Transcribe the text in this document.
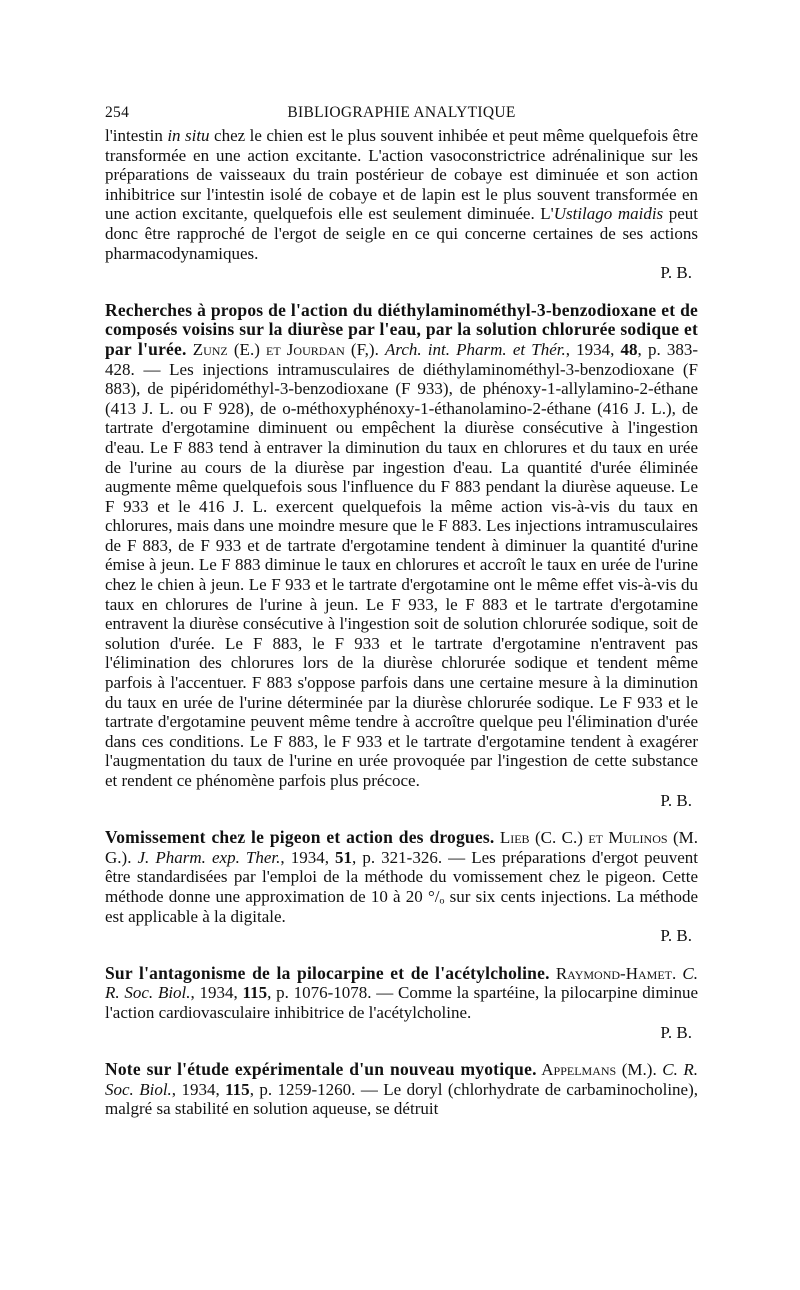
254	BIBLIOGRAPHIE ANALYTIQUE

l'intestin in situ chez le chien est le plus souvent inhibée et peut même quelquefois être transformée en une action excitante. L'action vasoconstrictrice adrénalinique sur les préparations de vaisseaux du train postérieur de cobaye est diminuée et son action inhibitrice sur l'intestin isolé de cobaye et de lapin est le plus souvent transformée en une action excitante, quelquefois elle est seulement diminuée. L'Ustilago maidis peut donc être rapproché de l'ergot de seigle en ce qui concerne certaines de ses actions pharmacodynamiques.

P. B.

Recherches à propos de l'action du diéthylaminométhyl-3-benzodioxane et de composés voisins sur la diurèse par l'eau, par la solution chlorurée sodique et par l'urée. Zunz (E.) et Jourdan (F,). Arch. int. Pharm. et Thér., 1934, 48, p. 383-428. — Les injections intramusculaires de diéthylaminométhyl-3-benzodioxane (F 883), de pipéridométhyl-3-benzodioxane (F 933), de phénoxy-1-allylamino-2-éthane (413 J. L. ou F 928), de o-méthoxyphénoxy-1-éthanolamino-2-éthane (416 J. L.), de tartrate d'ergotamine diminuent ou empêchent la diurèse consécutive à l'ingestion d'eau. Le F 883 tend à entraver la diminution du taux en chlorures et du taux en urée de l'urine au cours de la diurèse par ingestion d'eau. La quantité d'urée éliminée augmente même quelquefois sous l'influence du F 883 pendant la diurèse aqueuse. Le F 933 et le 416 J. L. exercent quelquefois la même action vis-à-vis du taux en chlorures, mais dans une moindre mesure que le F 883. Les injections intramusculaires de F 883, de F 933 et de tartrate d'ergotamine tendent à diminuer la quantité d'urine émise à jeun. Le F 883 diminue le taux en chlorures et accroît le taux en urée de l'urine chez le chien à jeun. Le F 933 et le tartrate d'ergotamine ont le même effet vis-à-vis du taux en chlorures de l'urine à jeun. Le F 933, le F 883 et le tartrate d'ergotamine entravent la diurèse consécutive à l'ingestion soit de solution chlorurée sodique, soit de solution d'urée. Le F 883, le F 933 et le tartrate d'ergotamine n'entravent pas l'élimination des chlorures lors de la diurèse chlorurée sodique et tendent même parfois à l'accentuer. F 883 s'oppose parfois dans une certaine mesure à la diminution du taux en urée de l'urine déterminée par la diurèse chlorurée sodique. Le F 933 et le tartrate d'ergotamine peuvent même tendre à accroître quelque peu l'élimination d'urée dans ces conditions. Le F 883, le F 933 et le tartrate d'ergotamine tendent à exagérer l'augmentation du taux de l'urine en urée provoquée par l'ingestion de cette substance et rendent ce phénomène parfois plus précoce.

P. B.

Vomissement chez le pigeon et action des drogues. Lieb (C. C.) et Mulinos (M. G.). J. Pharm. exp. Ther., 1934, 51, p. 321-326. — Les préparations d'ergot peuvent être standardisées par l'emploi de la méthode du vomissement chez le pigeon. Cette méthode donne une approximation de 10 à 20 °/ₒ sur six cents injections. La méthode est applicable à la digitale.

P. B.

Sur l'antagonisme de la pilocarpine et de l'acétylcholine. Raymond-Hamet. C. R. Soc. Biol., 1934, 115, p. 1076-1078. — Comme la spartéine, la pilocarpine diminue l'action cardiovasculaire inhibitrice de l'acétylcholine.

P. B.

Note sur l'étude expérimentale d'un nouveau myotique. Appelmans (M.). C. R. Soc. Biol., 1934, 115, p. 1259-1260. — Le doryl (chlorhydrate de carbaminocholine), malgré sa stabilité en solution aqueuse, se détruit
